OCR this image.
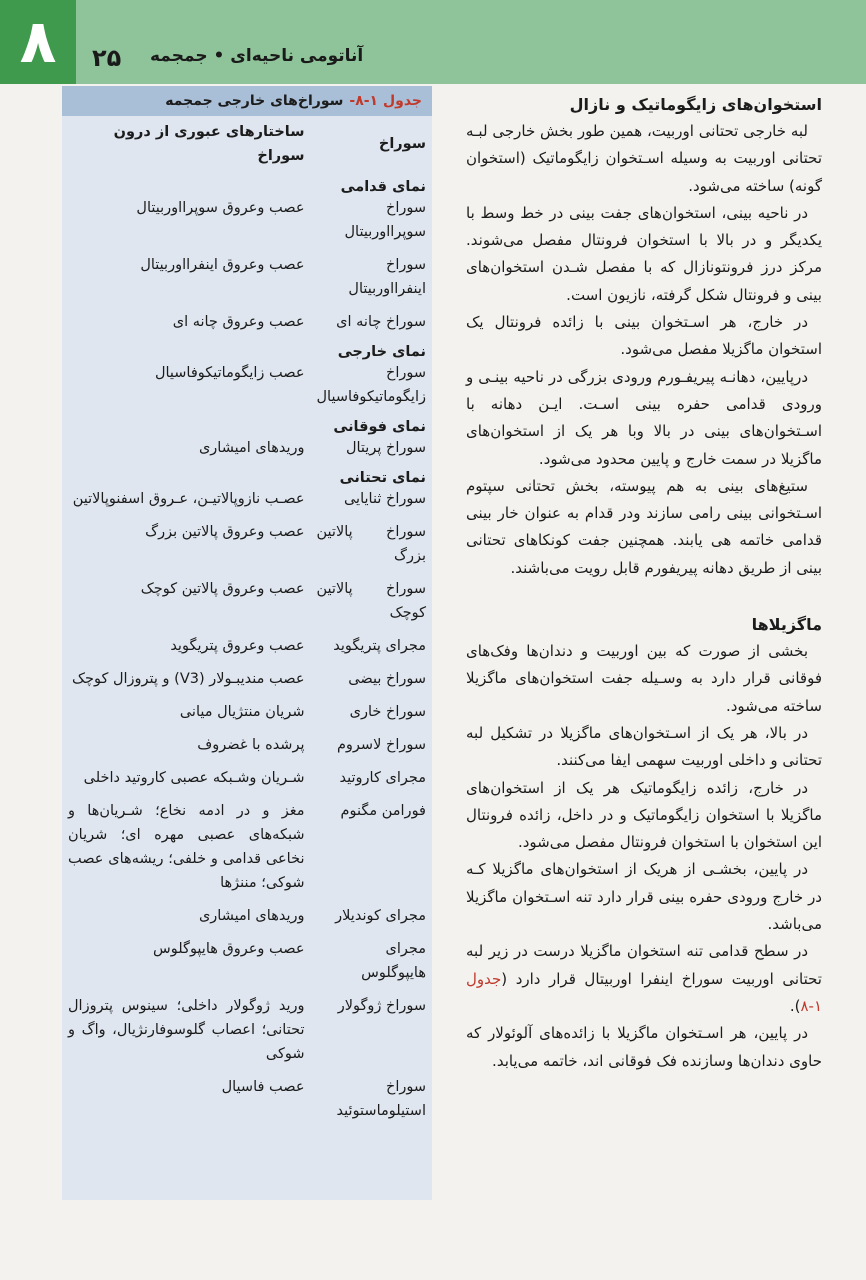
۸	۲۵ آناتومی ناحیه‌ای • جمجمه
استخوان‌های زایگوماتیک و نازال

لبه خارجی تحتانی اوربیت، همین طور بخش خارجی لبـه تحتانی اوربیت به وسیله اسـتخوان زایگوماتیک (استخوان گونه) ساخته می‌شود.

در ناحیه بینی، استخوان‌های جفت بینی در خط وسط با یکدیگر و در بالا با استخوان فرونتال مفصل می‌شوند. مرکز درز فرونتونازال که با مفصل شـدن استخوان‌های بینی و فرونتال شکل گرفته، نازیون است.

در خارج، هر اسـتخوان بینی با زائده فرونتال یک استخوان ماگزیلا مفصل می‌شود.

درپایین، دهانـه پیریفـورم ورودی بزرگی در ناحیه بینـی و ورودی قدامی حفره بینی اسـت. ایـن دهانه با اسـتخوان‌های بینی در بالا وبا هر یک از استخوان‌های ماگزیلا در سمت خارج و پایین محدود می‌شود.

ستیغ‌های بینی به هم پیوسته، بخش تحتانی سپتوم اسـتخوانی بینی رامی سازند ودر قدام به عنوان خار بینی قدامی خاتمه هی یابند. همچنین جفت کونکاهای تحتانی بینی از طریق دهانه پیریفورم قابل رویت می‌باشند.

ماگزیلاها

بخشی از صورت که بین اوربیت و دندان‌ها وفک‌های فوقانی قرار دارد به وسـیله جفت استخوان‌های ماگزیلا ساخته می‌شود.

در بالا، هر یک از اسـتخوان‌های ماگزیلا در تشکیل لبه تحتانی و داخلی اوربیت سهمی ایفا می‌کنند.

در خارج، زائده زایگوماتیک هر یک از استخوان‌های ماگزیلا با استخوان زایگوماتیک و در داخل، زائده فرونتال این استخوان با استخوان فرونتال مفصل می‌شود.

در پایین، بخشـی از هریک از استخوان‌های ماگزیلا کـه در خارج ورودی حفره بینی قرار دارد تنه اسـتخوان ماگزیلا می‌باشد.

در سطح قدامی تنه استخوان ماگزیلا درست در زیر لبه تحتانی اوربیت سوراخ اینفرا اوربیتال قرار دارد (جدول ۱-۸).

در پایین، هر اسـتخوان ماگزیلا با زائده‌های آلوئولار که حاوی دندان‌ها وسازنده فک فوقانی اند، خاتمه می‌یابد.

جدول ۱-۸-
سوراخ‌های خارجی جمجمه
سوراخ	ساختارهای عبوری از درون سوراخ

نمای قدامی
سوراخ سوپرااوربیتال	عصب وعروق سوپرااوربیتال
سوراخ اینفرااوربیتال	عصب وعروق اینفرااوربیتال
سوراخ چانه ای	عصب وعروق چانه ای

نمای خارجی
سوراخ زایگوماتیکوفاسیال	عصب زایگوماتیکوفاسیال

نمای فوقانی
سوراخ پریتال	وریدهای امیشاری

نمای تحتانی
سوراخ ثنایایی	عصـب نازوپالاتیـن، عـروق اسفنوپالاتین
سوراخ پالاتین بزرگ	عصب وعروق پالاتین بزرگ
سوراخ پالاتین کوچک	عصب وعروق پالاتین کوچک
مجرای پتریگوید	عصب وعروق پتریگوید
سوراخ بیضی	عصب مندیبـولار (V3) و پتروزال کوچک
سوراخ خاری	شریان منتژیال میانی
سوراخ لاسروم	پرشده با غضروف
مجرای کاروتید	شـریان وشـبکه عصبی کاروتید داخلی
فورامن مگنوم	مغز و در ادمه نخاع؛ شـریان‌ها و شبکه‌های عصبی مهره ای؛ شریان نخاعی قدامی و خلفی؛ ریشه‌های عصب شوکی؛ مننژها
مجرای کوندیلار	وریدهای امیشاری
مجرای هایپوگلوس	عصب وعروق هایپوگلوس
سوراخ ژوگولار	ورید ژوگولار داخلی؛ سینوس پتروزال تحتانی؛ اعصاب گلوسوفارنژیال، واگ و شوکی
سوراخ استیلوماستوئید	عصب فاسیال
